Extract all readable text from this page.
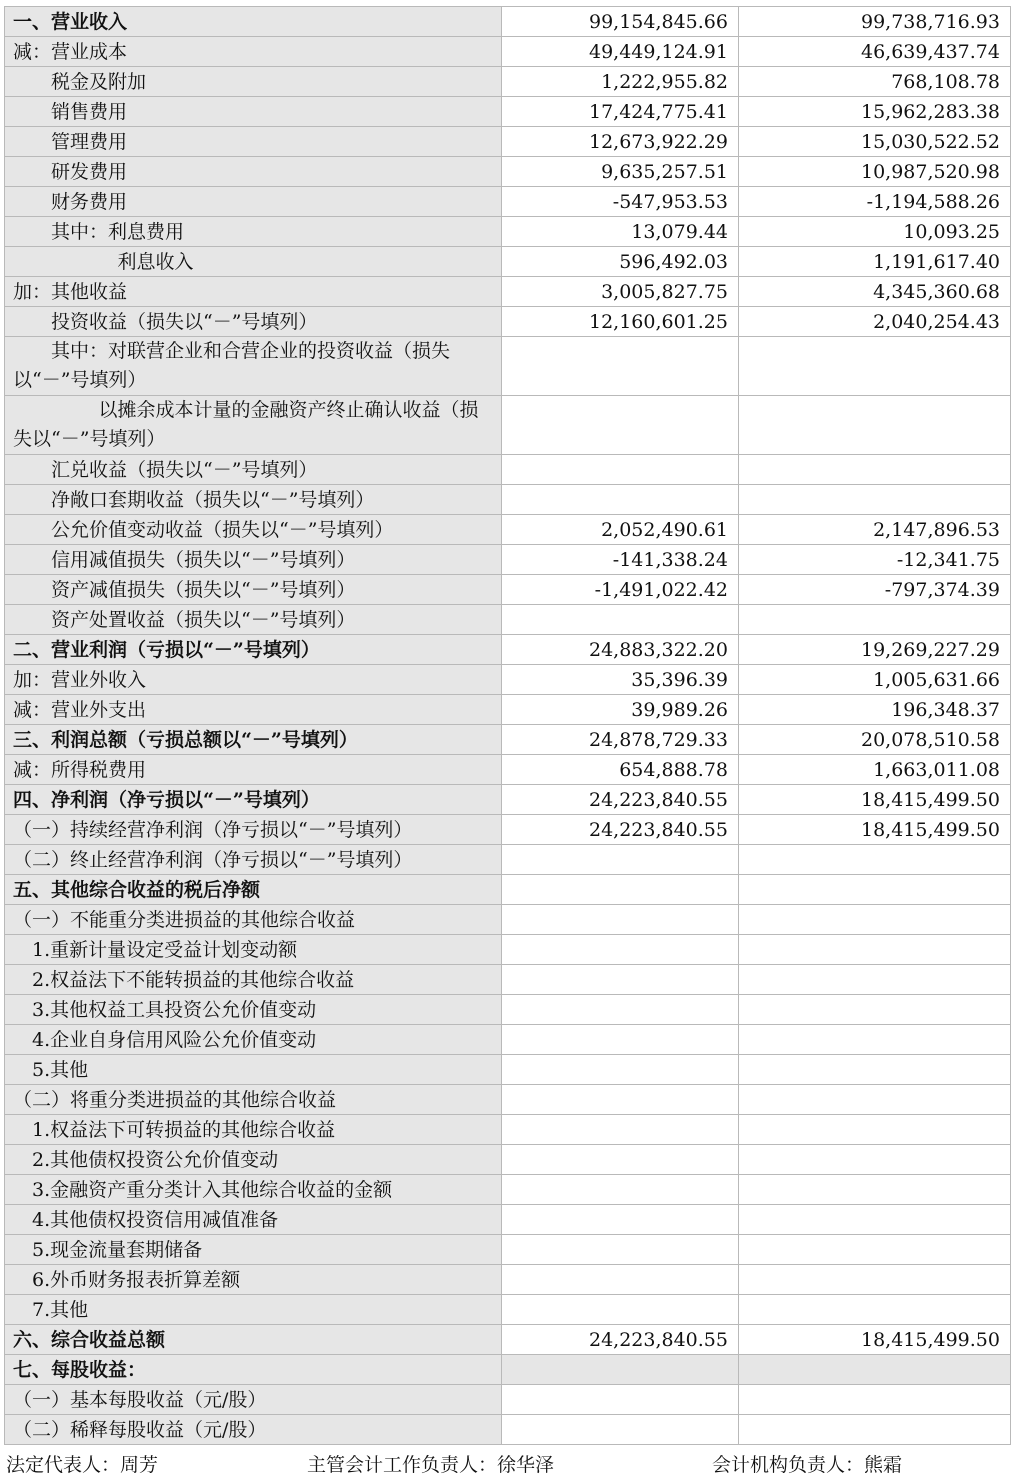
一、营业收入	99,154,845.66	99,738,716.93
减：营业成本	49,449,124.91	46,639,437.74
税金及附加	1,222,955.82	768,108.78
销售费用	17,424,775.41	15,962,283.38
管理费用	12,673,922.29	15,030,522.52
研发费用	9,635,257.51	10,987,520.98
财务费用	-547,953.53	-1,194,588.26
其中：利息费用	13,079.44	10,093.25
利息收入	596,492.03	1,191,617.40
加：其他收益	3,005,827.75	4,345,360.68
投资收益（损失以“－”号填列）	12,160,601.25	2,040,254.43
其中：对联营企业和合营企业的投资收益（损失以“－”号填列）		
以摊余成本计量的金融资产终止确认收益（损失以“－”号填列）		
汇兑收益（损失以“－”号填列）		
净敞口套期收益（损失以“－”号填列）		
公允价值变动收益（损失以“－”号填列）	2,052,490.61	2,147,896.53
信用减值损失（损失以“－”号填列）	-141,338.24	-12,341.75
资产减值损失（损失以“－”号填列）	-1,491,022.42	-797,374.39
资产处置收益（损失以“－”号填列）		
二、营业利润（亏损以“－”号填列）	24,883,322.20	19,269,227.29
加：营业外收入	35,396.39	1,005,631.66
减：营业外支出	39,989.26	196,348.37
三、利润总额（亏损总额以“－”号填列）	24,878,729.33	20,078,510.58
减：所得税费用	654,888.78	1,663,011.08
四、净利润（净亏损以“－”号填列）	24,223,840.55	18,415,499.50
（一）持续经营净利润（净亏损以“－”号填列）	24,223,840.55	18,415,499.50
（二）终止经营净利润（净亏损以“－”号填列）		
五、其他综合收益的税后净额		
（一）不能重分类进损益的其他综合收益		
1.重新计量设定受益计划变动额		
2.权益法下不能转损益的其他综合收益		
3.其他权益工具投资公允价值变动		
4.企业自身信用风险公允价值变动		
5.其他		
（二）将重分类进损益的其他综合收益		
1.权益法下可转损益的其他综合收益		
2.其他债权投资公允价值变动		
3.金融资产重分类计入其他综合收益的金额		
4.其他债权投资信用减值准备		
5.现金流量套期储备		
6.外币财务报表折算差额		
7.其他		
六、综合收益总额	24,223,840.55	18,415,499.50
七、每股收益：		
（一）基本每股收益（元/股）		
（二）稀释每股收益（元/股）		
法定代表人：周芳	主管会计工作负责人：徐华泽	会计机构负责人：熊霜
